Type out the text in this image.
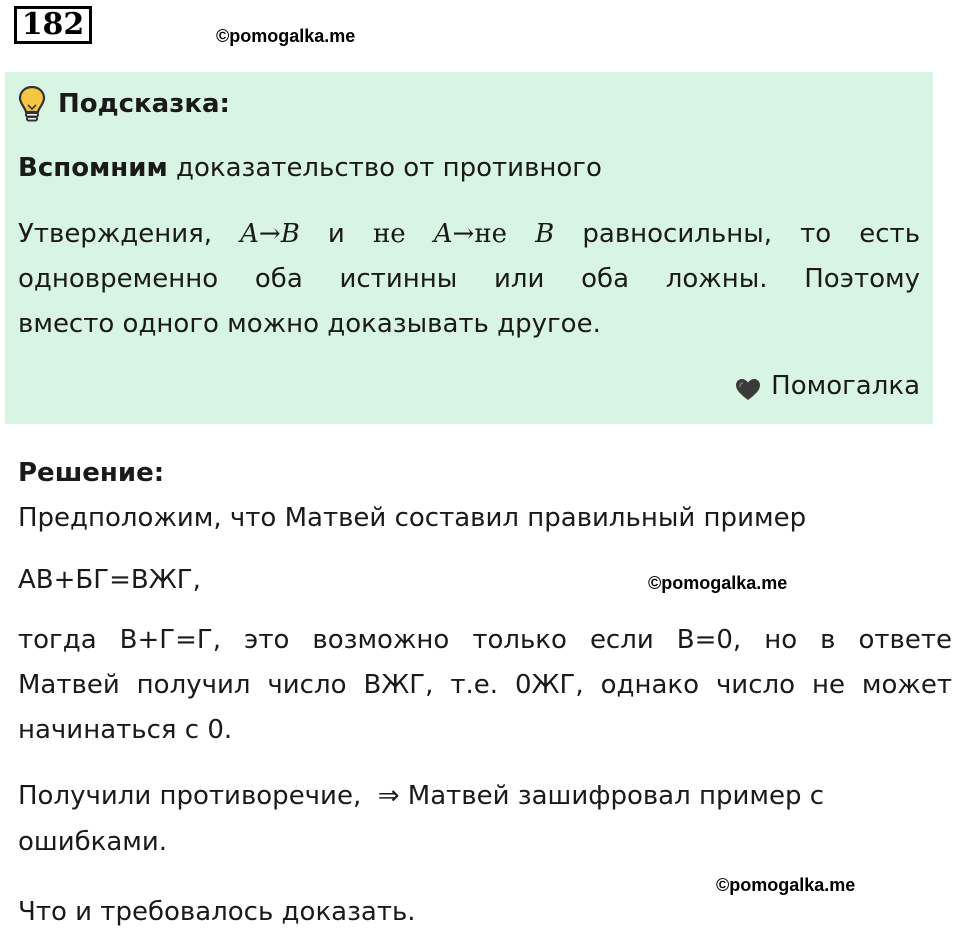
182	©pomogalka.me
©pomogalka.me
©pomogalka.me
Подсказка:
Вспомним доказательство от противного
Утверждения, A→B и не A→не B равносильны, то есть
одновременно оба истинны или оба ложны. Поэтому
вместо одного можно доказывать другое.
Помогалка
Решение:
Предположим, что Матвей составил правильный пример
АВ+БГ=ВЖГ,
тогда В+Г=Г, это возможно только если В=0, но в ответе
Матвей получил число ВЖГ, т.е. 0ЖГ, однако число не может
начинаться с 0.
Получили противоречие,  ⇒ Матвей зашифровал пример с
ошибками.
Что и требовалось доказать.
